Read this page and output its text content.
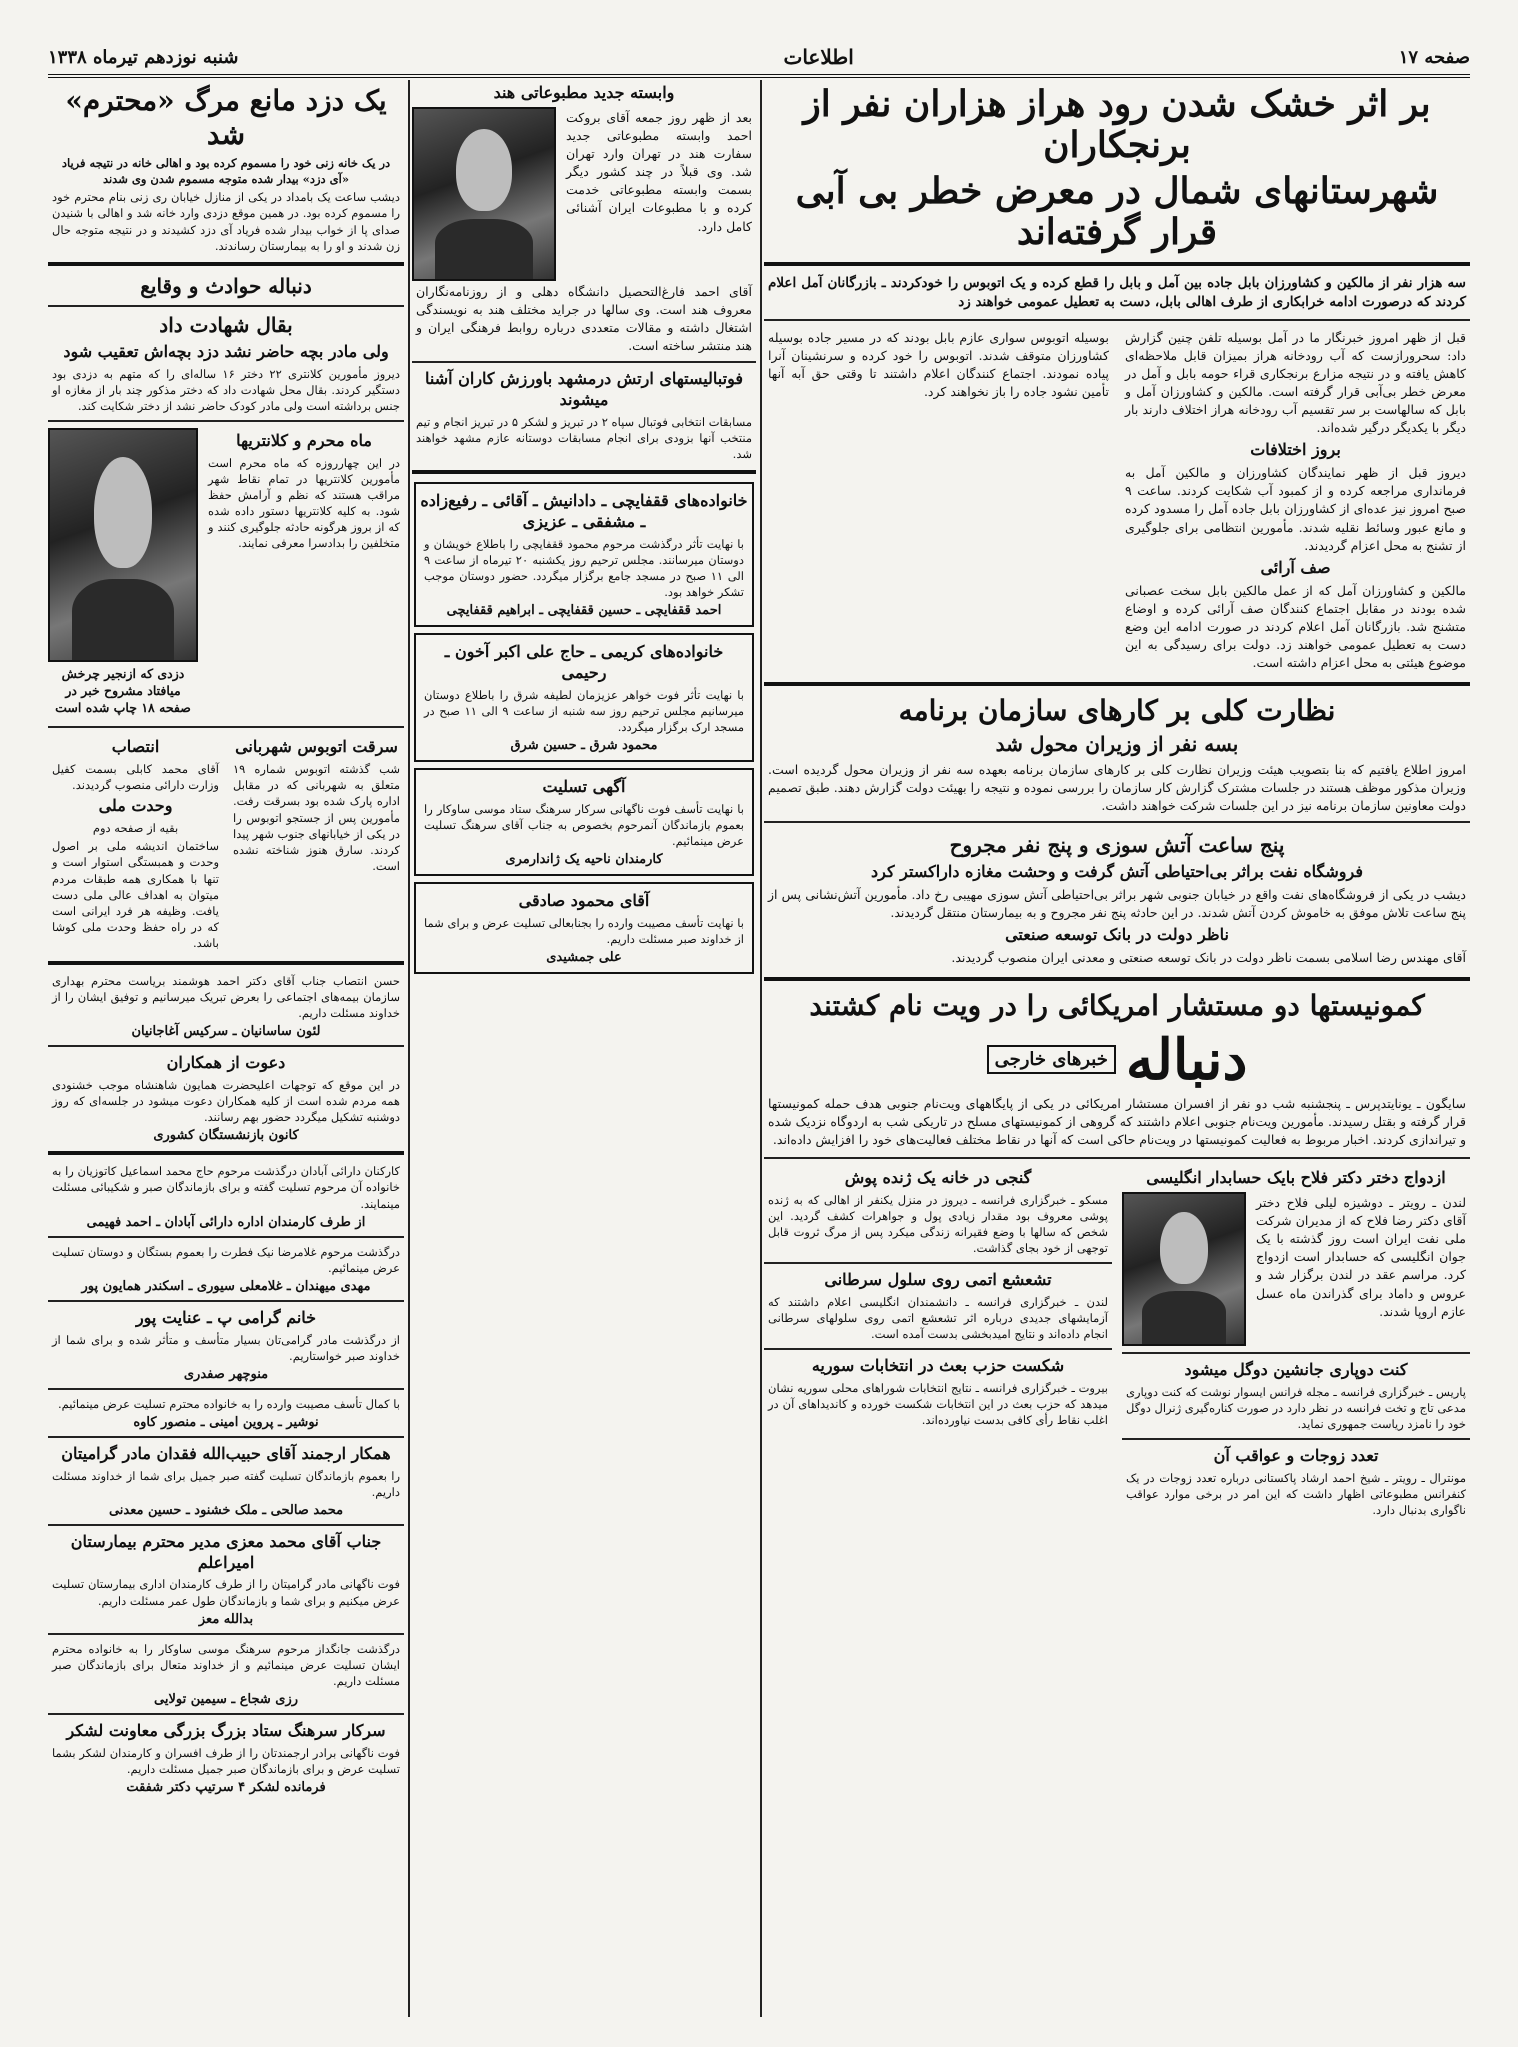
صفحه ۱۷
اطلاعات
شنبه نوزدهم تیرماه ۱۳۳۸
بر اثر خشک شدن رود هراز هزاران نفر از برنجکاران
شهرستانهای شمال در معرض خطر بی آبی قرار گرفته‌اند
سه هزار نفر از مالکین و کشاورزان بابل جاده بین آمل و بابل را قطع کرده و یک اتوبوس را خودکردند ـ بازرگانان آمل اعلام کردند که درصورت ادامه خرابکاری از طرف اهالی بابل، دست به تعطیل عمومی خواهند زد
قبل از ظهر امروز خبرنگار ما در آمل بوسیله تلفن چنین گزارش داد: سحرورازست که آب رودخانه هراز بمیزان قابل ملاحظه‌ای کاهش یافته و در نتیجه مزارع برنجکاری قراء حومه بابل و آمل در معرض خطر بی‌آبی قرار گرفته است. مالکین و کشاورزان آمل و بابل که سالهاست بر سر تقسیم آب رودخانه هراز اختلاف دارند بار دیگر با یکدیگر درگیر شده‌اند.
بروز اختلافات
دیروز قبل از ظهر نمایندگان کشاورزان و مالکین آمل به فرمانداری مراجعه کرده و از کمبود آب شکایت کردند. ساعت ۹ صبح امروز نیز عده‌ای از کشاورزان بابل جاده آمل را مسدود کرده و مانع عبور وسائط نقلیه شدند. مأمورین انتظامی برای جلوگیری از تشنج به محل اعزام گردیدند.
صف آرائی
مالکین و کشاورزان آمل که از عمل مالکین بابل سخت عصبانی شده بودند در مقابل اجتماع کنندگان صف آرائی کرده و اوضاع متشنج شد. بازرگانان آمل اعلام کردند در صورت ادامه این وضع دست به تعطیل عمومی خواهند زد. دولت برای رسیدگی به این موضوع هیئتی به محل اعزام داشته است.
بوسیله اتوبوس سواری عازم بابل بودند که در مسیر جاده بوسیله کشاورزان متوقف شدند. اتوبوس را خود کرده و سرنشینان آنرا پیاده نمودند. اجتماع کنندگان اعلام داشتند تا وقتی حق آبه آنها تأمین نشود جاده را باز نخواهند کرد.
نظارت کلی بر کارهای سازمان برنامه
بسه نفر از وزیران محول شد
امروز اطلاع یافتیم که بنا بتصویب هیئت وزیران نظارت کلی بر کارهای سازمان برنامه بعهده سه نفر از وزیران محول گردیده است. وزیران مذکور موظف هستند در جلسات مشترک گزارش کار سازمان را بررسی نموده و نتیجه را بهیئت دولت گزارش دهند. طبق تصمیم دولت معاونین سازمان برنامه نیز در این جلسات شرکت خواهند داشت.
پنج ساعت آتش سوزی و پنج نفر مجروح
فروشگاه نفت براثر بی‌احتیاطی آتش گرفت و وحشت مغازه داراکستر کرد
دیشب در یکی از فروشگاه‌های نفت واقع در خیابان جنوبی شهر براثر بی‌احتیاطی آتش سوزی مهیبی رخ داد. مأمورین آتش‌نشانی پس از پنج ساعت تلاش موفق به خاموش کردن آتش شدند. در این حادثه پنج نفر مجروح و به بیمارستان منتقل گردیدند.
ناظر دولت در بانک توسعه صنعتی
آقای مهندس رضا اسلامی بسمت ناظر دولت در بانک توسعه صنعتی و معدنی ایران منصوب گردیدند.
کمونیستها دو مستشار امریکائی را در ویت نام کشتند
دنباله
خبرهای خارجی
سایگون ـ یونایتدپرس ـ پنجشنبه شب دو نفر از افسران مستشار امریکائی در یکی از پایگاههای ویت‌نام جنوبی هدف حمله کمونیستها قرار گرفته و بقتل رسیدند. مأمورین ویت‌نام جنوبی اعلام داشتند که گروهی از کمونیستهای مسلح در تاریکی شب به اردوگاه نزدیک شده و تیراندازی کردند. اخبار مربوط به فعالیت کمونیستها در ویت‌نام حاکی است که آنها در نقاط مختلف فعالیت‌های خود را افزایش داده‌اند.
ازدواج دختر دکتر فلاح بایک حسابدار انگلیسی
لندن ـ رویتر ـ دوشیزه لیلی فلاح دختر آقای دکتر رضا فلاح که از مدیران شرکت ملی نفت ایران است روز گذشته با یک جوان انگلیسی که حسابدار است ازدواج کرد. مراسم عقد در لندن برگزار شد و عروس و داماد برای گذراندن ماه عسل عازم اروپا شدند.
کنت دوپاری جانشین دوگل میشود
پاریس ـ خبرگزاری فرانسه ـ مجله فرانس ایسوار نوشت که کنت دوپاری مدعی تاج و تخت فرانسه در نظر دارد در صورت کناره‌گیری ژنرال دوگل خود را نامزد ریاست جمهوری نماید.
تعدد زوجات و عواقب آن
مونترال ـ رویتر ـ شیخ احمد ارشاد پاکستانی درباره تعدد زوجات در یک کنفرانس مطبوعاتی اظهار داشت که این امر در برخی موارد عواقب ناگواری بدنبال دارد.
گنجی در خانه یک ژنده پوش
مسکو ـ خبرگزاری فرانسه ـ دیروز در منزل یکنفر از اهالی که به ژنده پوشی معروف بود مقدار زیادی پول و جواهرات کشف گردید. این شخص که سالها با وضع فقیرانه زندگی میکرد پس از مرگ ثروت قابل توجهی از خود بجای گذاشت.
تشعشع اتمی روی سلول سرطانی
لندن ـ خبرگزاری فرانسه ـ دانشمندان انگلیسی اعلام داشتند که آزمایشهای جدیدی درباره اثر تشعشع اتمی روی سلولهای سرطانی انجام داده‌اند و نتایج امیدبخشی بدست آمده است.
شکست حزب بعث در انتخابات سوریه
بیروت ـ خبرگزاری فرانسه ـ نتایج انتخابات شوراهای محلی سوریه نشان میدهد که حزب بعث در این انتخابات شکست خورده و کاندیداهای آن در اغلب نقاط رأی کافی بدست نیاورده‌اند.
وابسته جدید مطبوعاتی هند
بعد از ظهر روز جمعه آقای بروکت احمد وابسته مطبوعاتی جدید سفارت هند در تهران وارد تهران شد. وی قبلاً در چند کشور دیگر بسمت وابسته مطبوعاتی خدمت کرده و با مطبوعات ایران آشنائی کامل دارد.
آقای احمد فارغ‌التحصیل دانشگاه دهلی و از روزنامه‌نگاران معروف هند است. وی سالها در جراید مختلف هند به نویسندگی اشتغال داشته و مقالات متعددی درباره روابط فرهنگی ایران و هند منتشر ساخته است.
فوتبالیستهای ارتش درمشهد باورزش کاران آشنا میشوند
مسابقات انتخابی فوتبال سپاه ۲ در تبریز و لشکر ۵ در تبریز انجام و تیم منتخب آنها بزودی برای انجام مسابقات دوستانه عازم مشهد خواهند شد.
خانواده‌های ققفایچی ـ دادانیش ـ آقائی ـ رفیع‌زاده ـ مشفقی ـ عزیزی
با نهایت تأثر درگذشت مرحوم محمود ققفایچی را باطلاع خویشان و دوستان میرسانند. مجلس ترحیم روز یکشنبه ۲۰ تیرماه از ساعت ۹ الی ۱۱ صبح در مسجد جامع برگزار میگردد. حضور دوستان موجب تشکر خواهد بود.
احمد ققفایچی ـ حسین ققفایچی ـ ابراهیم ققفایچی
خانواده‌های کریمی ـ حاج علی اکبر آخون ـ رحیمی
با نهایت تأثر فوت خواهر عزیزمان لطیفه شرق را باطلاع دوستان میرسانیم مجلس ترحیم روز سه شنبه از ساعت ۹ الی ۱۱ صبح در مسجد ارک برگزار میگردد.
محمود شرق ـ حسین شرق
آگهی تسلیت
با نهایت تأسف فوت ناگهانی سرکار سرهنگ ستاد موسی ساوکار را بعموم بازماندگان آنمرحوم بخصوص به جناب آقای سرهنگ تسلیت عرض مینمائیم.
کارمندان ناحیه یک ژاندارمری
آقای محمود صادقی
با نهایت تأسف مصیبت وارده را بجنابعالی تسلیت عرض و برای شما از خداوند صبر مسئلت داریم.
علی جمشیدی
یک دزد مانع مرگ «محترم» شد
در یک خانه زنی خود را مسموم کرده بود و اهالی خانه در نتیجه فریاد «آی دزد» بیدار شده متوجه مسموم شدن وی شدند
دیشب ساعت یک بامداد در یکی از منازل خیابان ری زنی بنام محترم خود را مسموم کرده بود. در همین موقع دزدی وارد خانه شد و اهالی با شنیدن صدای پا از خواب بیدار شده فریاد آی دزد کشیدند و در نتیجه متوجه حال زن شدند و او را به بیمارستان رساندند.
دنباله حوادث و وقایع
بقال شهادت داد
ولی مادر بچه حاضر نشد دزد بچه‌اش تعقیب شود
دیروز مأمورین کلانتری ۲۲ دختر ۱۶ ساله‌ای را که متهم به دزدی بود دستگیر کردند. بقال محل شهادت داد که دختر مذکور چند بار از مغازه او جنس برداشته است ولی مادر کودک حاضر نشد از دختر شکایت کند.
ماه محرم و کلانتریها
در این چهارروزه که ماه محرم است مأمورین کلانتریها در تمام نقاط شهر مراقب هستند که نظم و آرامش حفظ شود. به کلیه کلانتریها دستور داده شده که از بروز هرگونه حادثه جلوگیری کنند و متخلفین را بدادسرا معرفی نمایند.
دزدی که ازنجیر چرخش میافتاد مشروح خبر در صفحه ۱۸ چاپ شده است
سرقت اتوبوس شهربانی
شب گذشته اتوبوس شماره ۱۹ متعلق به شهربانی که در مقابل اداره پارک شده بود بسرقت رفت. مأمورین پس از جستجو اتوبوس را در یکی از خیابانهای جنوب شهر پیدا کردند. سارق هنوز شناخته نشده است.
انتصاب
آقای محمد کابلی بسمت کفیل وزارت دارائی منصوب گردیدند.
وحدت ملی
بقیه از صفحه دوم
ساختمان اندیشه ملی بر اصول وحدت و همبستگی استوار است و تنها با همکاری همه طبقات مردم میتوان به اهداف عالی ملی دست یافت. وظیفه هر فرد ایرانی است که در راه حفظ وحدت ملی کوشا باشد.
حسن انتصاب جناب آقای دکتر احمد هوشمند بریاست محترم بهداری سازمان بیمه‌های اجتماعی را بعرض تبریک میرسانیم و توفیق ایشان را از خداوند مسئلت داریم.
لئون ساسانیان ـ سرکیس آغاجانیان
دعوت از همکاران
در این موقع که توجهات اعلیحضرت همایون شاهنشاه موجب خشنودی همه مردم شده است از کلیه همکاران دعوت میشود در جلسه‌ای که روز دوشنبه تشکیل میگردد حضور بهم رسانند.
کانون بازنشستگان کشوری
کارکنان دارائی آبادان درگذشت مرحوم حاج محمد اسماعیل کاتوزیان را به خانواده آن مرحوم تسلیت گفته و برای بازماندگان صبر و شکیبائی مسئلت مینمایند.
از طرف کارمندان اداره دارائی آبادان ـ احمد فهیمی
درگذشت مرحوم غلامرضا نیک فطرت را بعموم بستگان و دوستان تسلیت عرض مینمائیم.
مهدی میهندان ـ غلامعلی سیوری ـ اسکندر همایون پور
خانم گرامی پ ـ عنایت پور
از درگذشت مادر گرامی‌تان بسیار متأسف و متأثر شده و برای شما از خداوند صبر خواستاریم.
منوچهر صفدری
با کمال تأسف مصیبت وارده را به خانواده محترم تسلیت عرض مینمائیم.
نوشیر ـ پروین امینی ـ منصور کاوه
همکار ارجمند آقای حبیب‌الله فقدان مادر گرامیتان
را بعموم بازماندگان تسلیت گفته صبر جمیل برای شما از خداوند مسئلت داریم.
محمد صالحی ـ ملک خشنود ـ حسین معدنی
جناب آقای محمد معزی مدیر محترم بیمارستان امیراعلم
فوت ناگهانی مادر گرامیتان را از طرف کارمندان اداری بیمارستان تسلیت عرض میکنیم و برای شما و بازماندگان طول عمر مسئلت داریم.
بدالله معز
درگذشت جانگداز مرحوم سرهنگ موسی ساوکار را به خانواده محترم ایشان تسلیت عرض مینمائیم و از خداوند متعال برای بازماندگان صبر مسئلت داریم.
رزی شجاع ـ سیمین تولایی
سرکار سرهنگ ستاد بزرگ بزرگی معاونت لشکر
فوت ناگهانی برادر ارجمندتان را از طرف افسران و کارمندان لشکر بشما تسلیت عرض و برای بازماندگان صبر جمیل مسئلت داریم.
فرمانده لشکر ۴ سرتیپ دکتر شفقت
